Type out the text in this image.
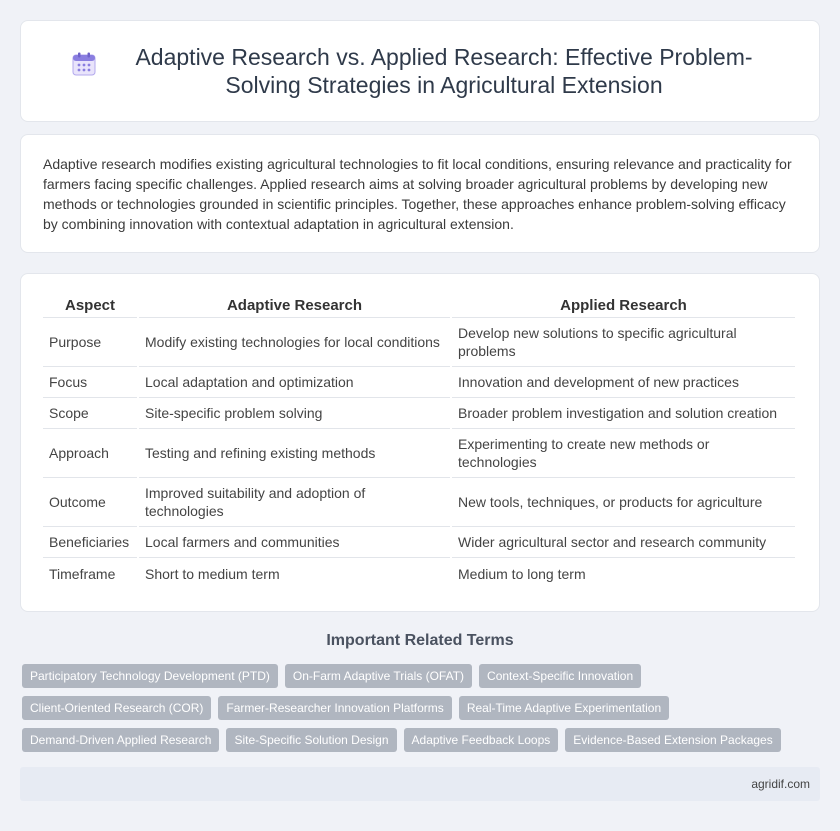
Adaptive Research vs. Applied Research: Effective Problem-Solving Strategies in Agricultural Extension

Adaptive research modifies existing agricultural technologies to fit local conditions, ensuring relevance and practicality for farmers facing specific challenges. Applied research aims at solving broader agricultural problems by developing new methods or technologies grounded in scientific principles. Together, these approaches enhance problem-solving efficacy by combining innovation with contextual adaptation in agricultural extension.

Aspect	Adaptive Research	Applied Research
Purpose	Modify existing technologies for local conditions	Develop new solutions to specific agricultural problems
Focus	Local adaptation and optimization	Innovation and development of new practices
Scope	Site-specific problem solving	Broader problem investigation and solution creation
Approach	Testing and refining existing methods	Experimenting to create new methods or technologies
Outcome	Improved suitability and adoption of technologies	New tools, techniques, or products for agriculture
Beneficiaries	Local farmers and communities	Wider agricultural sector and research community
Timeframe	Short to medium term	Medium to long term
Important Related Terms
Participatory Technology Development (PTD)	On-Farm Adaptive Trials (OFAT)	Context-Specific Innovation
Client-Oriented Research (COR)	Farmer-Researcher Innovation Platforms	Real-Time Adaptive Experimentation
Demand-Driven Applied Research	Site-Specific Solution Design	Adaptive Feedback Loops	Evidence-Based Extension Packages
agridif.com
